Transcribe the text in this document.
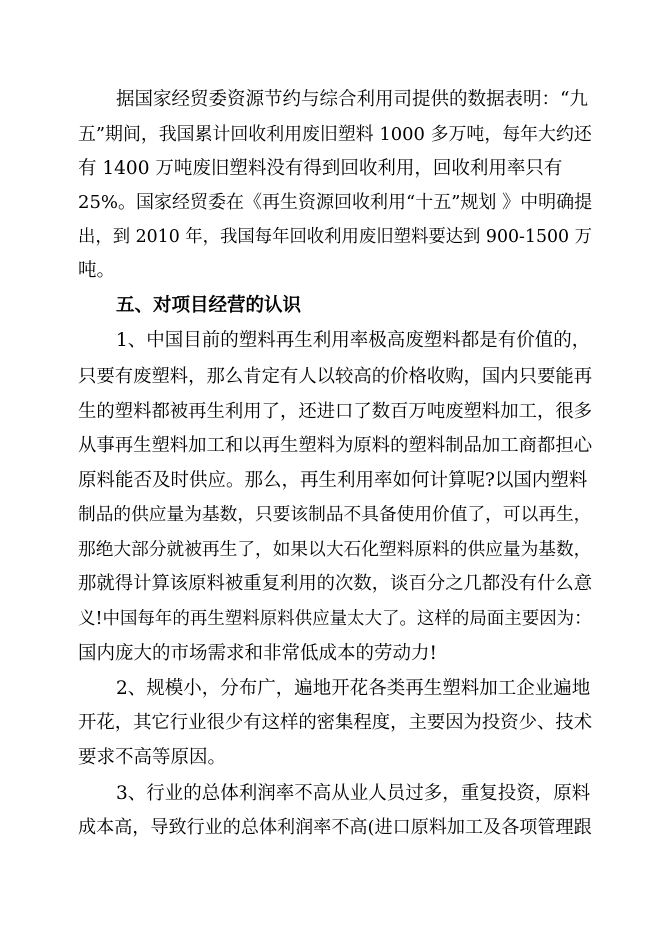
据国家经贸委资源节约与综合利用司提供的数据表明：“九
五”期间，我国累计回收利用废旧塑料 1000 多万吨，每年大约还
有 1400 万吨废旧塑料没有得到回收利用，回收利用率只有
25%。国家经贸委在《再生资源回收利用“十五”规划 》中明确提
出，到 2010 年，我国每年回收利用废旧塑料要达到 900-1500 万
吨。
五、对项目经营的认识
1、中国目前的塑料再生利用率极高废塑料都是有价值的，
只要有废塑料，那么肯定有人以较高的价格收购，国内只要能再
生的塑料都被再生利用了，还进口了数百万吨废塑料加工，很多
从事再生塑料加工和以再生塑料为原料的塑料制品加工商都担心
原料能否及时供应。那么，再生利用率如何计算呢?以国内塑料
制品的供应量为基数，只要该制品不具备使用价值了，可以再生，
那绝大部分就被再生了，如果以大石化塑料原料的供应量为基数，
那就得计算该原料被重复利用的次数，谈百分之几都没有什么意
义!中国每年的再生塑料原料供应量太大了。这样的局面主要因为：
国内庞大的市场需求和非常低成本的劳动力!
2、规模小，分布广，遍地开花各类再生塑料加工企业遍地
开花，其它行业很少有这样的密集程度，主要因为投资少、技术
要求不高等原因。
3、行业的总体利润率不高从业人员过多，重复投资，原料
成本高，导致行业的总体利润率不高(进口原料加工及各项管理跟
